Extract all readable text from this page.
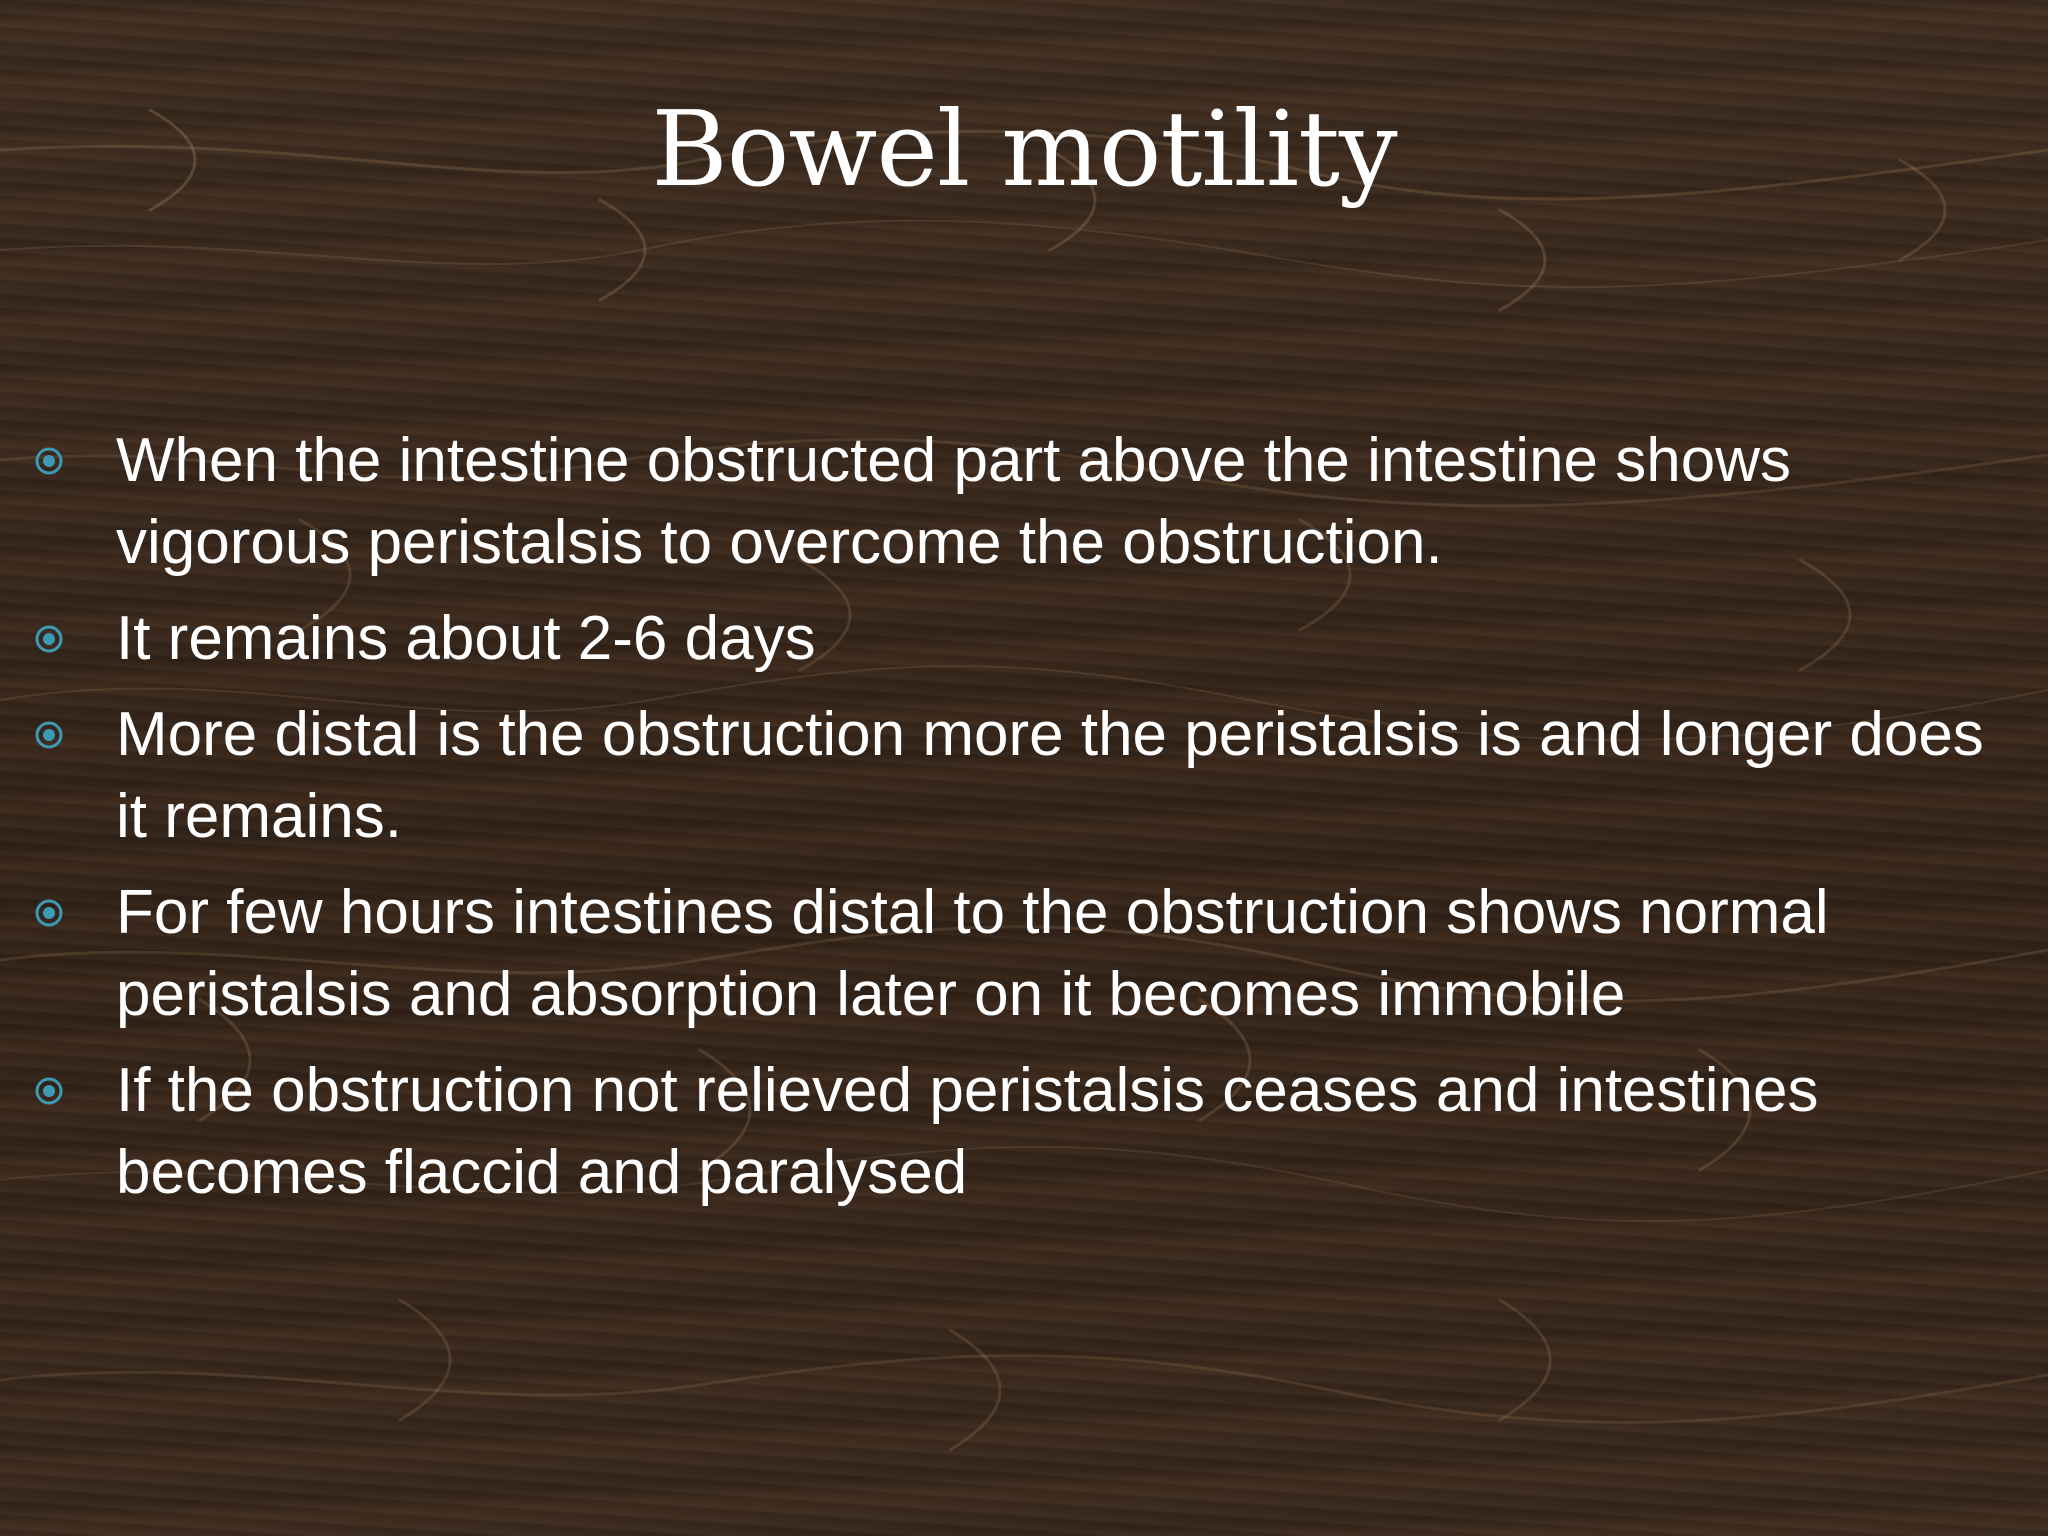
Bowel motility
When the intestine obstructed part above the intestine shows vigorous peristalsis to overcome the obstruction.
It remains about 2-6 days
More distal is the obstruction more the peristalsis is and longer does it remains.
For few hours intestines distal to the obstruction shows normal peristalsis and absorption later on it becomes immobile
If the obstruction not relieved peristalsis ceases and intestines becomes flaccid and paralysed
